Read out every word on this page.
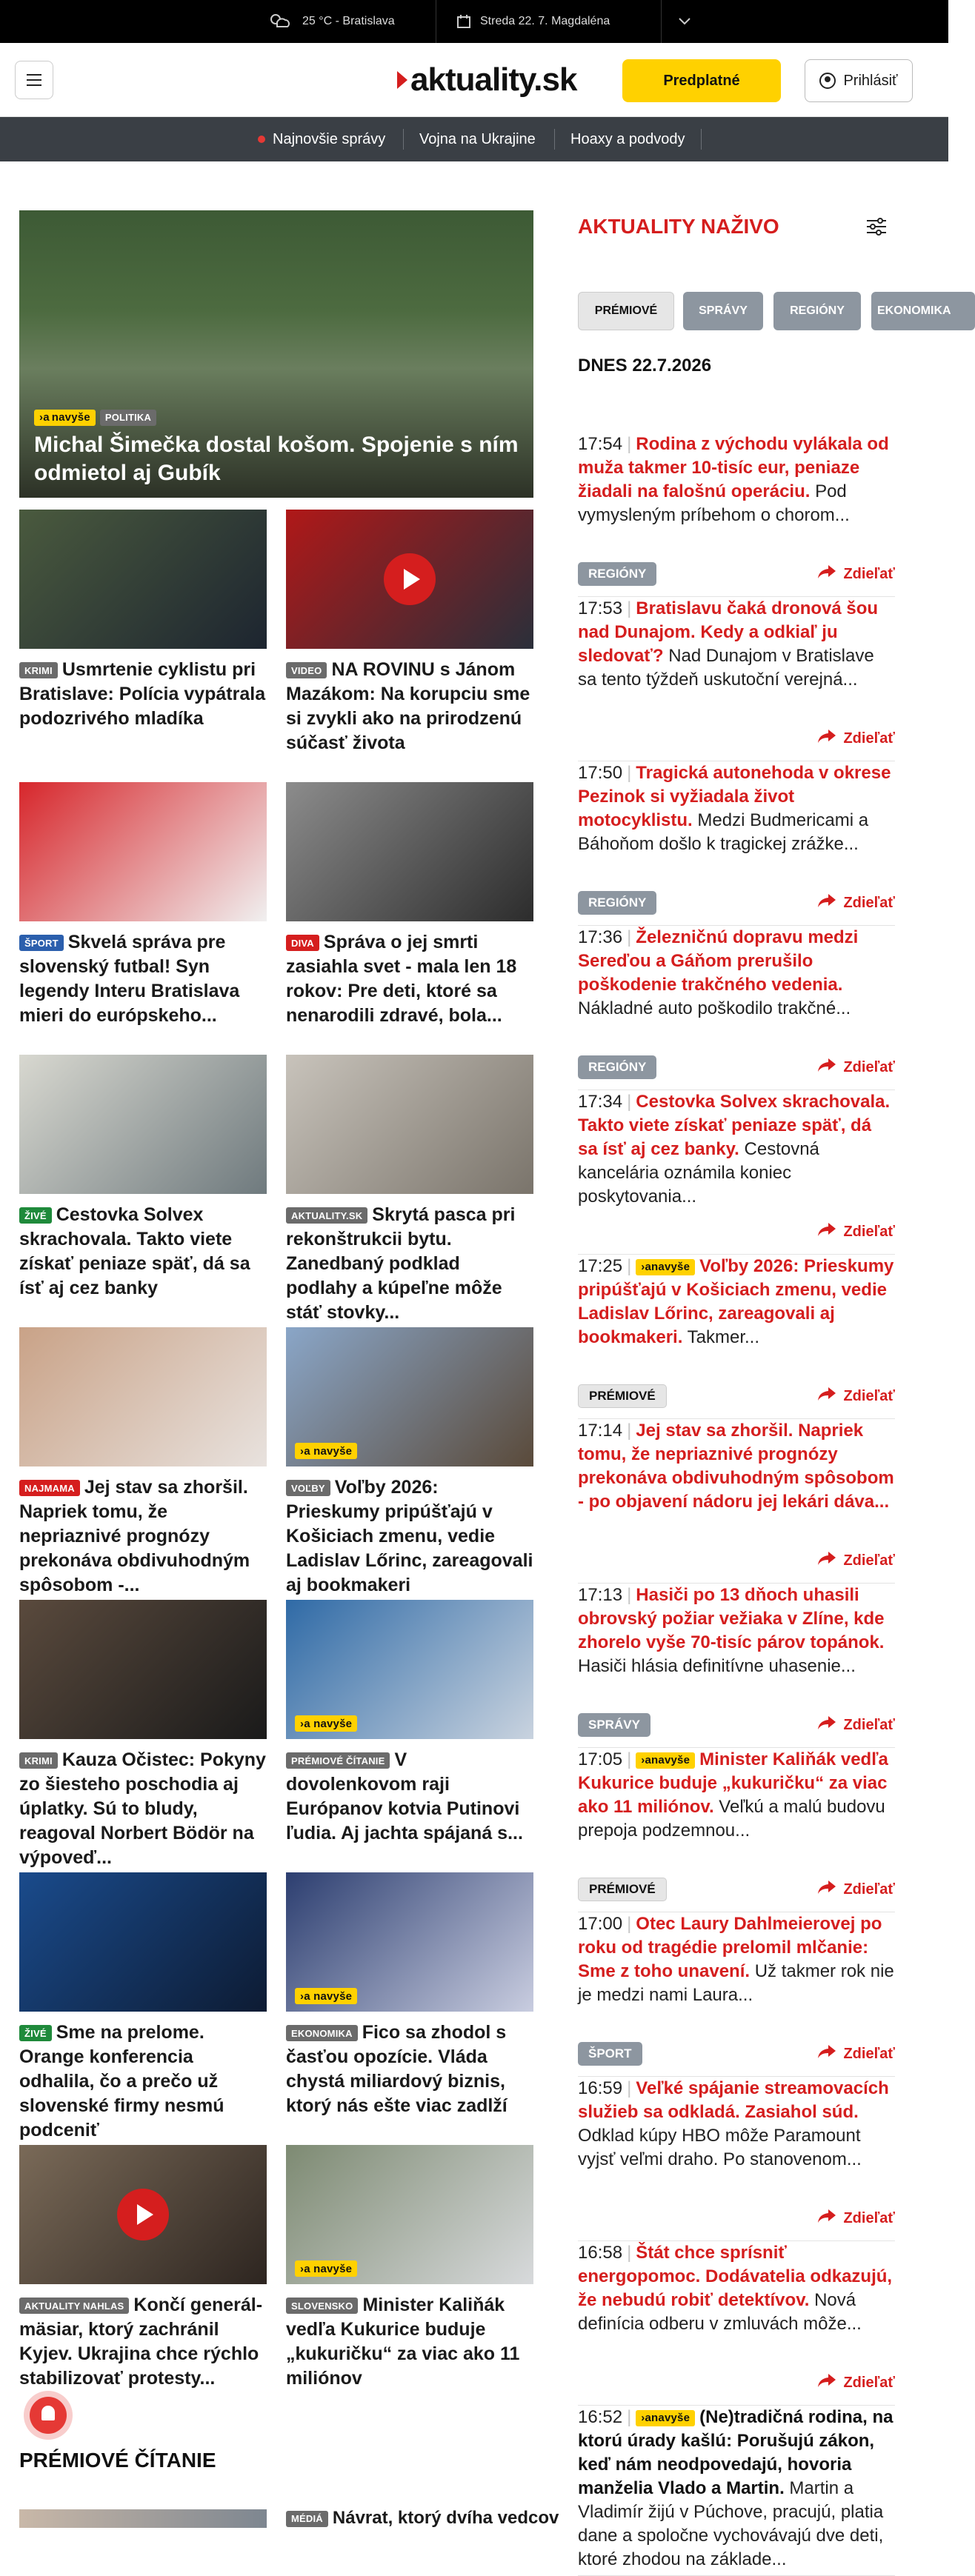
25 °C - Bratislava	Streda 22. 7. Magdaléna
aktuality.sk	Predplatné	Prihlásiť
Najnovšie správy Vojna na Ukrajine Hoaxy a podvody
›a navyše POLITIKA
Michal Šimečka dostal košom. Spojenie s ním odmietol aj Gubík
KRIMI Usmrtenie cyklistu pri Bratislave: Polícia vypátrala podozrivého mladíka
VIDEO NA ROVINU s Jánom Mazákom: Na korupciu sme si zvykli ako na prirodzenú súčasť života
ŠPORT Skvelá správa pre slovenský futbal! Syn legendy Interu Bratislava mieri do európskeho...
DIVA Správa o jej smrti zasiahla svet - mala len 18 rokov: Pre deti, ktoré sa nenarodili zdravé, bola...
ŽIVÉ Cestovka Solvex skrachovala. Takto viete získať peniaze späť, dá sa ísť aj cez banky
AKTUALITY.SK Skrytá pasca pri rekonštrukcii bytu. Zanedbaný podklad podlahy a kúpeľne môže stáť stovky...
NAJMAMA Jej stav sa zhoršil. Napriek tomu, že nepriaznivé prognózy prekonáva obdivuhodným spôsobom -...
›a navyše
VOĽBY Voľby 2026: Prieskumy pripúšťajú v Košiciach zmenu, vedie Ladislav Lőrinc, zareagovali aj bookmakeri
KRIMI Kauza Očistec: Pokyny zo šiesteho poschodia aj úplatky. Sú to bludy, reagoval Norbert Bödör na výpoveď...
›a navyše
PRÉMIOVÉ ČÍTANIE V dovolenkovom raji Európanov kotvia Putinovi ľudia. Aj jachta spájaná s...
ŽIVÉ Sme na prelome. Orange konferencia odhalila, čo a prečo už slovenské firmy nesmú podceniť
›a navyše
EKONOMIKA Fico sa zhodol s časťou opozície. Vláda chystá miliardový biznis, ktorý nás ešte viac zadlží
AKTUALITY NAHLAS Končí generál-mäsiar, ktorý zachránil Kyjev. Ukrajina chce rýchlo stabilizovať protesty...
›a navyše
SLOVENSKO Minister Kaliňák vedľa Kukurice buduje „kukuričku“ za viac ako 11 miliónov
PRÉMIOVÉ ČÍTANIE
MÉDIÁ Návrat, ktorý dvíha vedcov
AKTUALITY NAŽIVO
PRÉMIOVÉ	SPRÁVY	REGIÓNY	EKONOMIKA
DNES 22.7.2026
17:54 | Rodina z východu vylákala od muža takmer 10-tisíc eur, peniaze žiadali na falošnú operáciu. Pod vymysleným príbehom o chorom...
REGIÓNY	Zdieľať
17:53 | Bratislavu čaká dronová šou nad Dunajom. Kedy a odkiaľ ju sledovať? Nad Dunajom v Bratislave sa tento týždeň uskutoční verejná...
Zdieľať
17:50 | Tragická autonehoda v okrese Pezinok si vyžiadala život motocyklistu. Medzi Budmericami a Báhoňom došlo k tragickej zrážke...
REGIÓNY	Zdieľať
17:36 | Železničnú dopravu medzi Sereďou a Gáňom prerušilo poškodenie trakčného vedenia. Nákladné auto poškodilo trakčné...
REGIÓNY	Zdieľať
17:34 | Cestovka Solvex skrachovala. Takto viete získať peniaze späť, dá sa ísť aj cez banky. Cestovná kancelária oznámila koniec poskytovania...
Zdieľať
17:25 | ›a navyše Voľby 2026: Prieskumy pripúšťajú v Košiciach zmenu, vedie Ladislav Lőrinc, zareagovali aj bookmakeri. Takmer...
PRÉMIOVÉ	Zdieľať
17:14 | Jej stav sa zhoršil. Napriek tomu, že nepriaznivé prognózy prekonáva obdivuhodným spôsobom - po objavení nádoru jej lekári dáva...
Zdieľať
17:13 | Hasiči po 13 dňoch uhasili obrovský požiar vežiaka v Zlíne, kde zhorelo vyše 70-tisíc párov topánok. Hasiči hlásia definitívne uhasenie...
SPRÁVY	Zdieľať
17:05 | ›a navyše Minister Kaliňák vedľa Kukurice buduje „kukuričku“ za viac ako 11 miliónov. Veľkú a malú budovu prepoja podzemnou...
PRÉMIOVÉ	Zdieľať
17:00 | Otec Laury Dahlmeierovej po roku od tragédie prelomil mlčanie: Sme z toho unavení. Už takmer rok nie je medzi nami Laura...
ŠPORT	Zdieľať
16:59 | Veľké spájanie streamovacích služieb sa odkladá. Zasiahol súd. Odklad kúpy HBO môže Paramount vyjsť veľmi draho. Po stanovenom...
Zdieľať
16:58 | Štát chce sprísniť energopomoc. Dodávatelia odkazujú, že nebudú robiť detektívov. Nová definícia odberu v zmluvách môže...
Zdieľať
16:52 | ›a navyše (Ne)tradičná rodina, na ktorú úrady kašlú: Porušujú zákon, keď nám neodpovedajú, hovoria manželia Vlado a Martin. Martin a Vladimír žijú v Púchove, pracujú, platia dane a spoločne vychovávajú dve deti, ktoré zhodou na základe...
